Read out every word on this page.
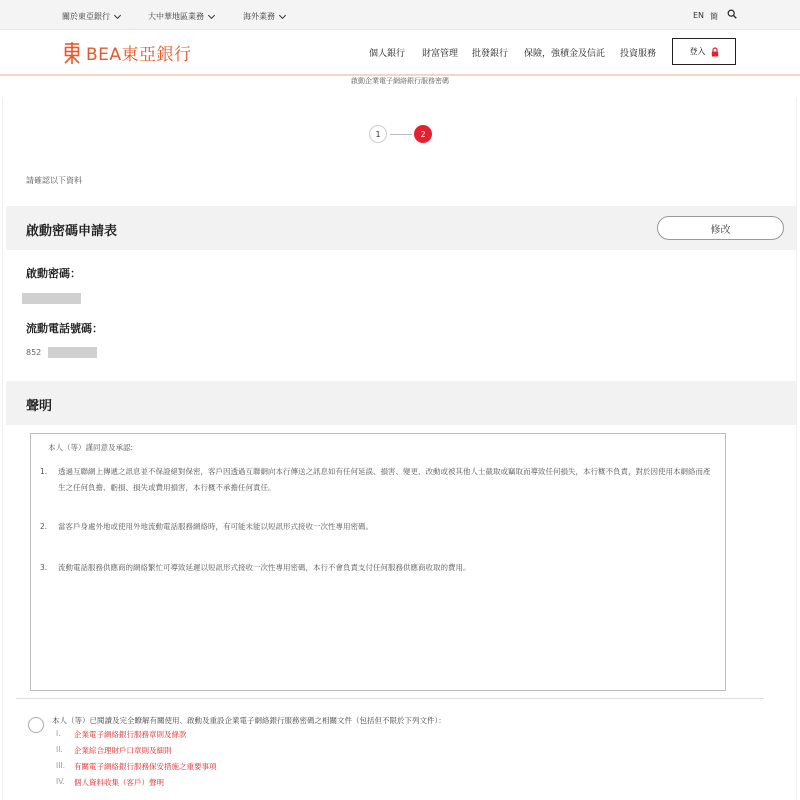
關於東亞銀行	大中華地區業務	海外業務	EN 簡
BEA東亞銀行	個人銀行 財富管理 批發銀行 保險，強積金及信託 投資服務	登入
啟動企業電子網絡銀行服務密碼
1	2
請確認以下資料
啟動密碼申請表	修改
啟動密碼：
流動電話號碼：
852
聲明
本人（等）謹同意及承認:
1. 透過互聯網上傳遞之訊息並不保證絕對保密，客戶因透過互聯網向本行傳送之訊息如有任何延誤、損害、變更、改動或被其他人士截取或竊取而導致任何損失，本行概不負責，對於因使用本網絡而產生之任何負擔、虧損、損失或費用損害，本行概不承擔任何責任。
2. 當客戶身處外地或使用外地流動電話服務網絡時，有可能未能以短訊形式接收一次性專用密碼。
3. 流動電話服務供應商的網絡繁忙可導致延遲以短訊形式接收一次性專用密碼，本行不會負責支付任何服務供應商收取的費用。
本人（等）已閱讀及完全瞭解有關使用、啟動及重設企業電子網絡銀行服務密碼之相關文件（包括但不限於下列文件）：
I.	企業電子網絡銀行服務章則及條款
II.	企業綜合理財戶口章則及細則
III.	有關電子網絡銀行服務保安措施之重要事項
IV.	個人資料收集（客戶）聲明
